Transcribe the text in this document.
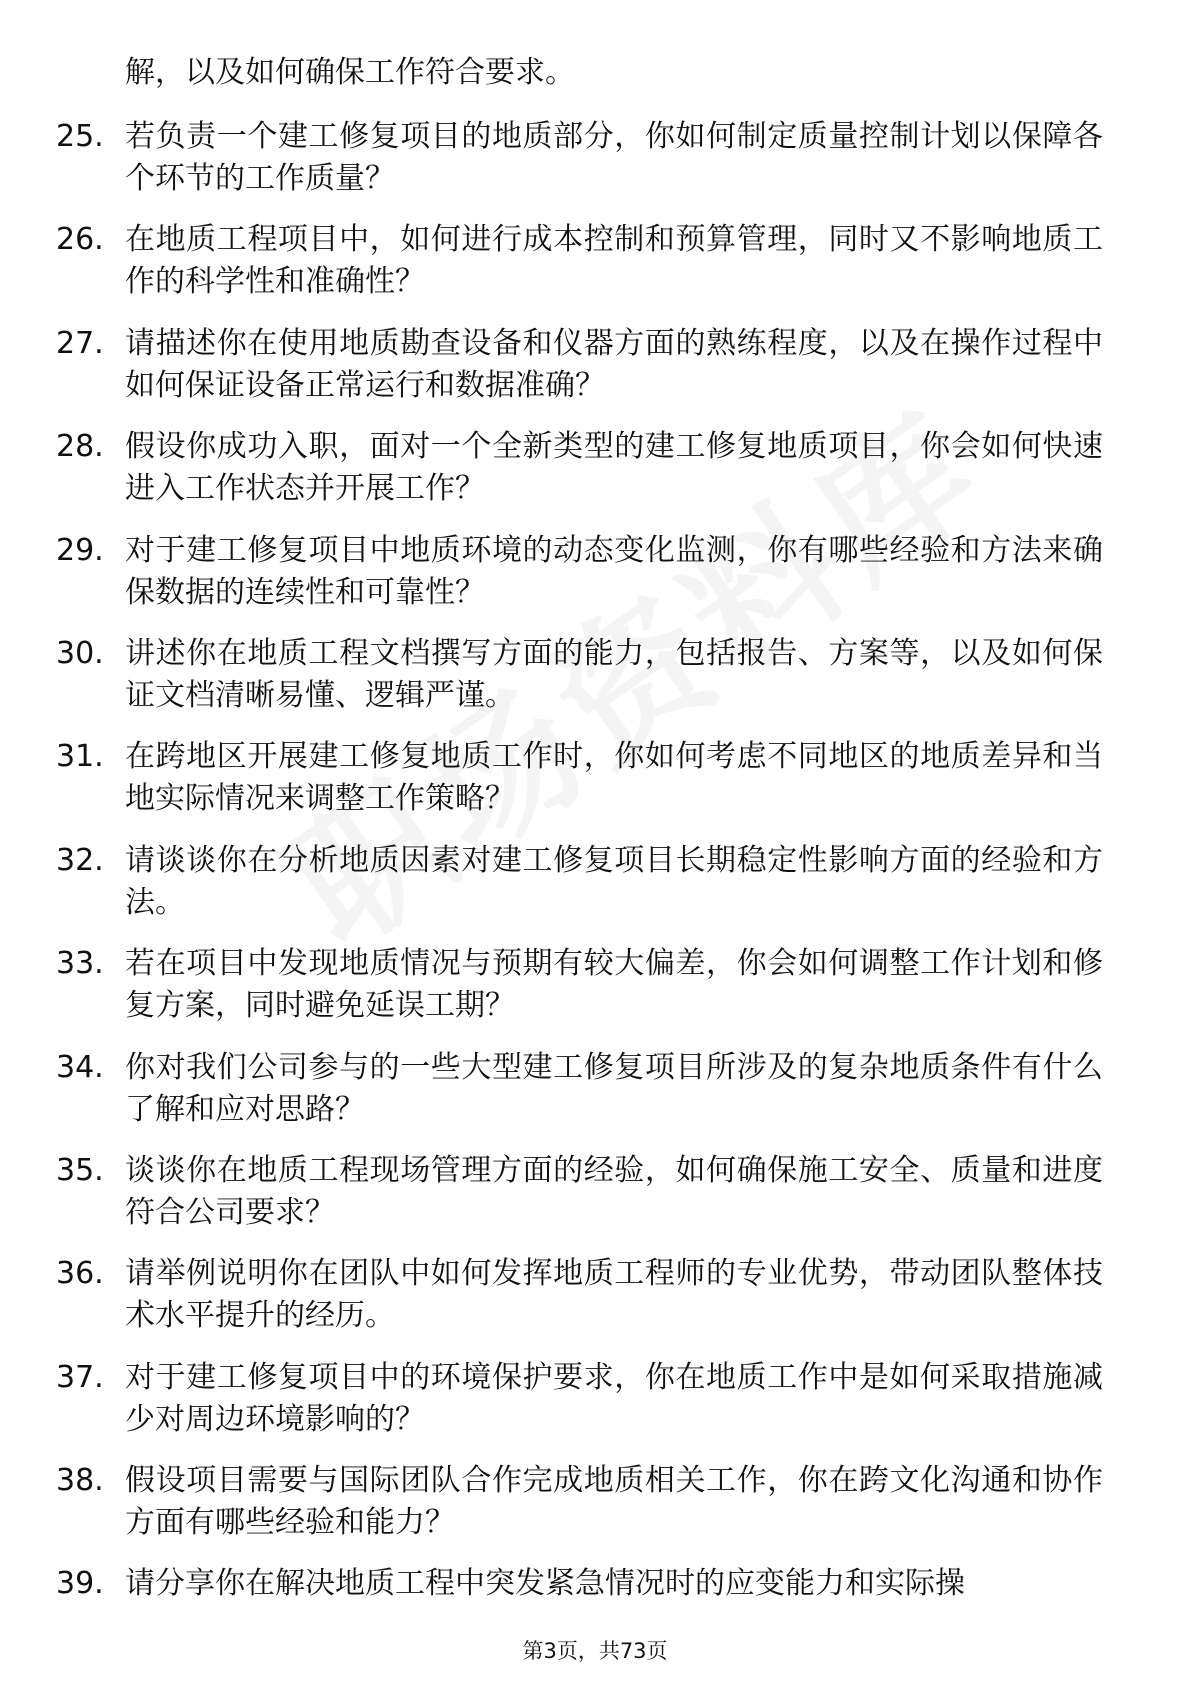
解，以及如何确保工作符合要求。
25. 若负责一个建工修复项目的地质部分，你如何制定质量控制计划以保障各个环节的工作质量？
26. 在地质工程项目中，如何进行成本控制和预算管理，同时又不影响地质工作的科学性和准确性？
27. 请描述你在使用地质勘查设备和仪器方面的熟练程度，以及在操作过程中如何保证设备正常运行和数据准确？
28. 假设你成功入职，面对一个全新类型的建工修复地质项目，你会如何快速进入工作状态并开展工作？
29. 对于建工修复项目中地质环境的动态变化监测，你有哪些经验和方法来确保数据的连续性和可靠性？
30. 讲述你在地质工程文档撰写方面的能力，包括报告、方案等，以及如何保证文档清晰易懂、逻辑严谨。
31. 在跨地区开展建工修复地质工作时，你如何考虑不同地区的地质差异和当地实际情况来调整工作策略？
32. 请谈谈你在分析地质因素对建工修复项目长期稳定性影响方面的经验和方法。
33. 若在项目中发现地质情况与预期有较大偏差，你会如何调整工作计划和修复方案，同时避免延误工期？
34. 你对我们公司参与的一些大型建工修复项目所涉及的复杂地质条件有什么了解和应对思路？
35. 谈谈你在地质工程现场管理方面的经验，如何确保施工安全、质量和进度符合公司要求？
36. 请举例说明你在团队中如何发挥地质工程师的专业优势，带动团队整体技术水平提升的经历。
37. 对于建工修复项目中的环境保护要求，你在地质工作中是如何采取措施减少对周边环境影响的？
38. 假设项目需要与国际团队合作完成地质相关工作，你在跨文化沟通和协作方面有哪些经验和能力？
39. 请分享你在解决地质工程中突发紧急情况时的应变能力和实际操
第3页，共73页
